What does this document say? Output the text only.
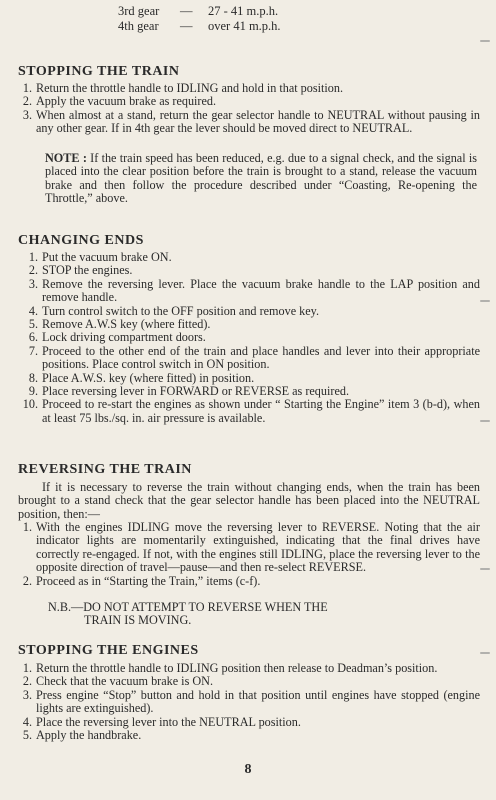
3rd gear	—	27 - 41 m.p.h.
4th gear	—	over 41 m.p.h.
STOPPING THE TRAIN
1. Return the throttle handle to IDLING and hold in that position.
2. Apply the vacuum brake as required.
3. When almost at a stand, return the gear selector handle to NEUTRAL without pausing in any other gear. If in 4th gear the lever should be moved direct to NEUTRAL.
NOTE : If the train speed has been reduced, e.g. due to a signal check, and the signal is placed into the clear position before the train is brought to a stand, release the vacuum brake and then follow the procedure described under “Coasting, Re-opening the Throttle,” above.
CHANGING ENDS
1. Put the vacuum brake ON.
2. STOP the engines.
3. Remove the reversing lever. Place the vacuum brake handle to the LAP position and remove handle.
4. Turn control switch to the OFF position and remove key.
5. Remove A.W.S key (where fitted).
6. Lock driving compartment doors.
7. Proceed to the other end of the train and place handles and lever into their appropriate positions. Place control switch in ON position.
8. Place A.W.S. key (where fitted) in position.
9. Place reversing lever in FORWARD or REVERSE as required.
10. Proceed to re-start the engines as shown under “ Starting the Engine” item 3 (b-d), when at least 75 lbs./sq. in. air pressure is available.
REVERSING THE TRAIN
If it is necessary to reverse the train without changing ends, when the train has been brought to a stand check that the gear selector handle has been placed into the NEUTRAL position, then:—
1. With the engines IDLING move the reversing lever to REVERSE. Noting that the air indicator lights are momentarily extinguished, indicating that the final drives have correctly re-engaged. If not, with the engines still IDLING, place the reversing lever to the opposite direction of travel—pause—and then re-select REVERSE.
2. Proceed as in “Starting the Train,” items (c-f).
N.B.—DO NOT ATTEMPT TO REVERSE WHEN THE
TRAIN IS MOVING.
STOPPING THE ENGINES
1. Return the throttle handle to IDLING position then release to Deadman’s position.
2. Check that the vacuum brake is ON.
3. Press engine “Stop” button and hold in that position until engines have stopped (engine lights are extinguished).
4. Place the reversing lever into the NEUTRAL position.
5. Apply the handbrake.
8
